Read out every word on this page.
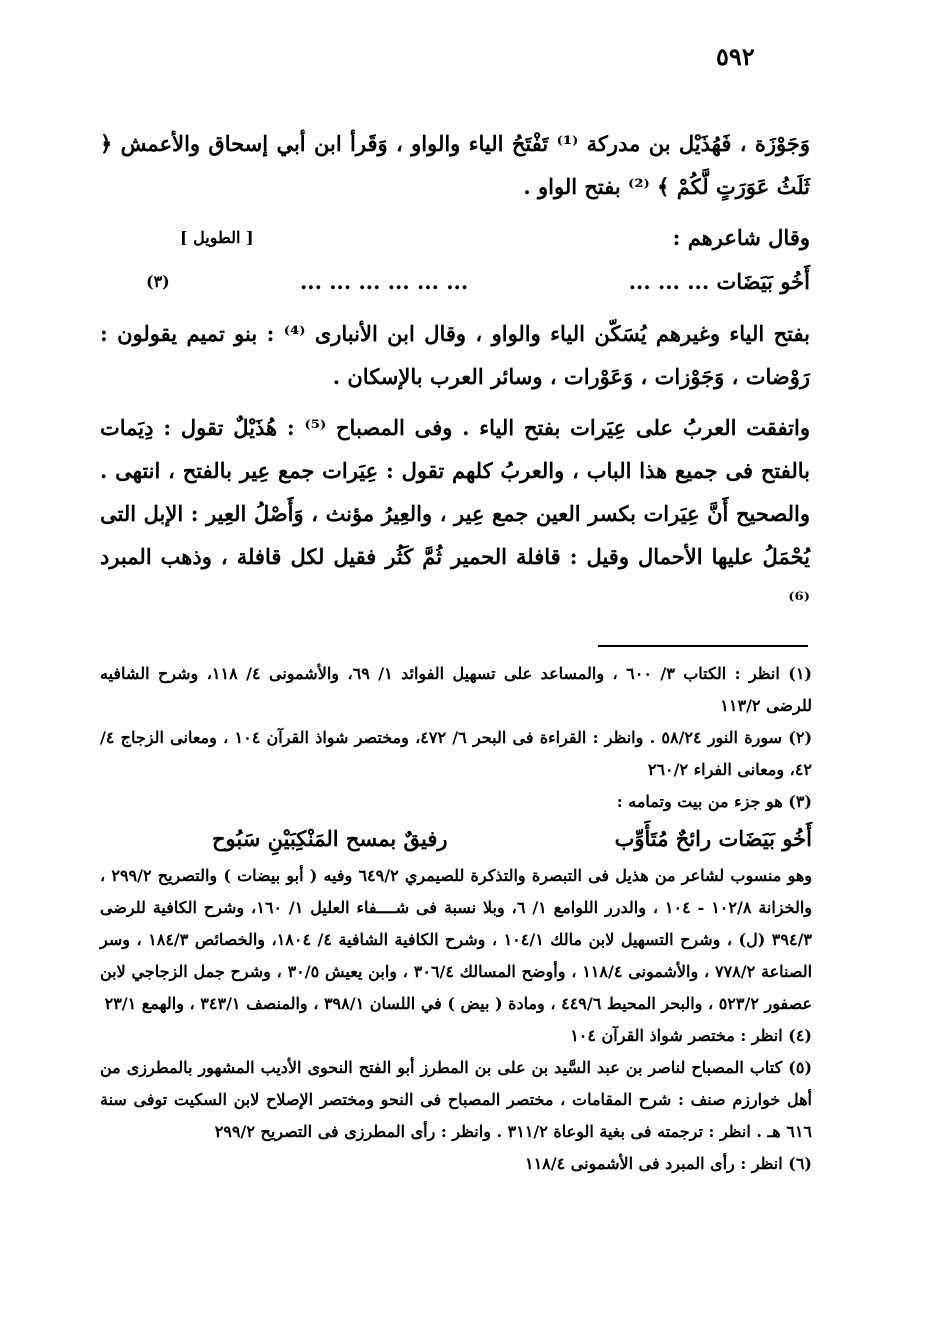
٥٩٢

وَجَوْزَة ، فَهُذَيْل بن مدركة ⁽¹⁾ تَفْتَحُ الياء والواو ، وَقَرأ ابن أبي إسحاق والأعمش ﴿ ثَلَثُ عَوَرَتٍ لَّكُمْ ﴾ ⁽²⁾ بفتح الواو .

وقال شاعرهم :
[ الطويل ]
أَخُو بَيَضَات ... ... ...
... ... ... ... ... ...
(٣)

بفتح الياء وغيرهم يُسَكّن الياء والواو ، وقال ابن الأنبارى ⁽⁴⁾ : بنو تميم يقولون : رَوْضات ، وَجَوْزات ، وَعَوْرات ، وسائر العرب بالإسكان .

واتفقت العربُ على عِيَرات بفتح الياء . وفى المصباح ⁽⁵⁾ : هُذَيْلٌ تقول : دِيَمات بالفتح فى جميع هذا الباب ، والعربُ كلهم تقول : عِيَرات جمع عِير بالفتح ، انتهى . والصحيح أَنَّ عِيَرات بكسر العين جمع عِير ، والعِيرُ مؤنث ، وَأَصْلُ العِير : الإبل التى يُحْمَلُ عليها الأحمال وقيل : قافلة الحمير ثُمَّ كَثُر فقيل لكل قافلة ، وذهب المبرد ⁽⁶⁾

(١) انظر : الكتاب ٣/ ٦٠٠ ، والمساعد على تسهيل الفوائد ١/ ٦٩، والأشمونى ٤/ ١١٨، وشرح الشافيه للرضى ١١٣/٢

(٢) سورة النور ٥٨/٢٤ . وانظر : القراءة فى البحر ٦/ ٤٧٢، ومختصر شواذ القرآن ١٠٤ ، ومعانى الزجاج ٤/ ٤٢، ومعانى الفراء ٢٦٠/٢

(٣) هو جزء من بيت وتمامه :

أَخُو بَيَضَات رائحٌ مُتَأَوِّب
رفيقٌ بمسح المَنْكِبَيْنِ سَبُوح

وهو منسوب لشاعر من هذيل فى التبصرة والتذكرة للصيمري ٦٤٩/٢ وفيه ( أبو بيضات ) والتصريح ٢٩٩/٢ ، والخزانة ١٠٢/٨ - ١٠٤ ، والدرر اللوامع ١/ ٦، وبلا نسبة فى شــــفاء العليل ١/ ١٦٠، وشرح الكافية للرضى ٣٩٤/٣ (ل) ، وشرح التسهيل لابن مالك ١٠٤/١ ، وشرح الكافية الشافية ٤/ ١٨٠٤، والخصائص ١٨٤/٣ ، وسر الصناعة ٧٧٨/٢ ، والأشمونى ١١٨/٤ ، وأوضح المسالك ٣٠٦/٤ ، وابن يعيش ٣٠/٥ ، وشرح جمل الزجاجي لابن عصفور ٥٢٣/٢ ، والبحر المحيط ٤٤٩/٦ ، ومادة ( بيض ) في اللسان ٣٩٨/١ ، والمنصف ٣٤٣/١ ، والهمع ٢٣/١

(٤) انظر : مختصر شواذ القرآن ١٠٤

(٥) كتاب المصباح لناصر بن عبد السَّيد بن على بن المطرز أبو الفتح النحوى الأديب المشهور بالمطرزى من أهل خوارزم صنف : شرح المقامات ، مختصر المصباح فى النحو ومختصر الإصلاح لابن السكيت توفى سنة ٦١٦ هـ . انظر : ترجمته فى بغية الوعاة ٣١١/٢ . وانظر : رأى المطرزى فى التصريح ٢٩٩/٢

(٦) انظر : رأى المبرد فى الأشمونى ١١٨/٤
